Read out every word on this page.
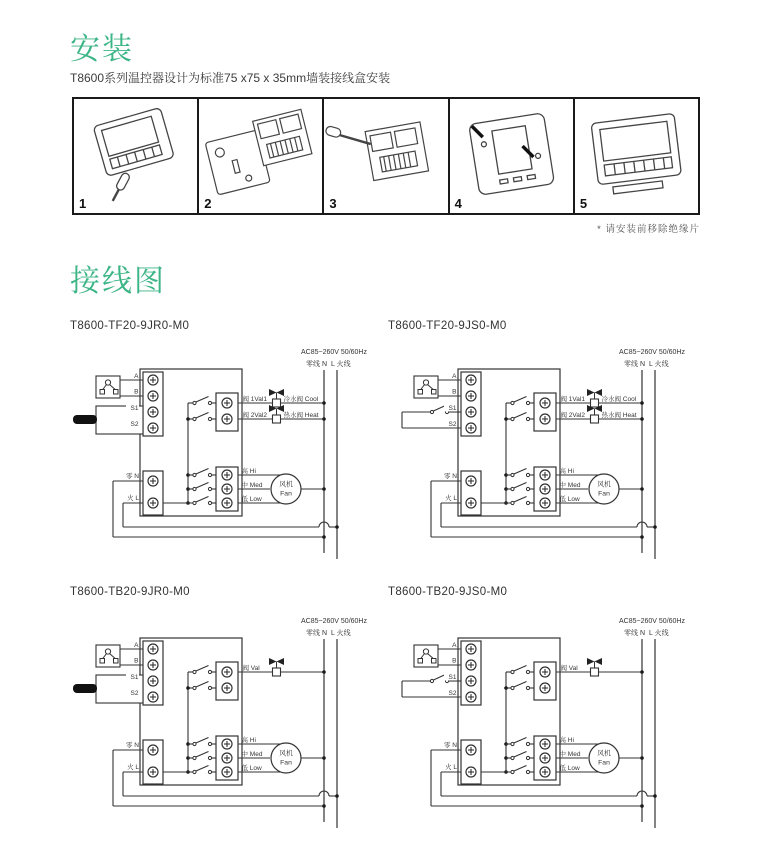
安装
T8600系列温控器设计为标准75 x75 x 35mm墙装接线盒安装
1	2	3	4	5
* 请安装前移除绝缘片
接线图
T8600-TF20-9JR0-M0	T8600-TF20-9JS0-M0
T8600-TB20-9JR0-M0	T8600-TB20-9JS0-M0
AC85~260V 50/60Hz
零线 N L 火线
S1
S2
A
B
阀 1Val1	冷水阀 Cool
阀 2Val2	热水阀 Heat
零 N
火 L
高 Hi
中 Med
低 Low
风机
Fan
AC85~260V 50/60Hz
零线 N L 火线
S1
S2
A
B
阀 1Val1	冷水阀 Cool
阀 2Val2	热水阀 Heat
零 N
火 L
高 Hi
中 Med
低 Low
风机
Fan
AC85~260V 50/60Hz
零线 N L 火线
S1
S2
A
B
阀 Val
零 N
火 L
高 Hi
中 Med
低 Low
风机
Fan
AC85~260V 50/60Hz
零线 N L 火线
S1
S2
A
B
阀 Val
零 N
火 L
高 Hi
中 Med
低 Low
风机
Fan
